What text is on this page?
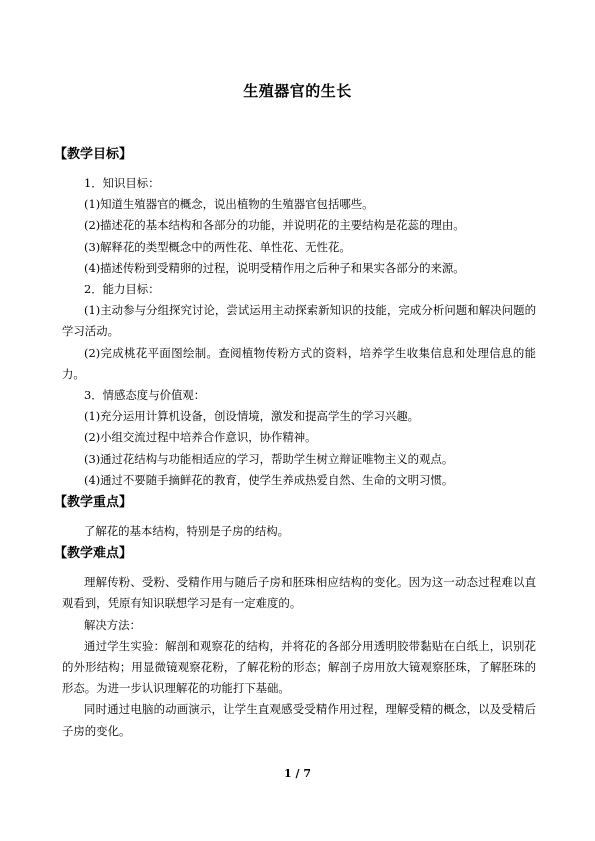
生殖器官的生长
【教学目标】

1．知识目标：

(1)知道生殖器官的概念，说出植物的生殖器官包括哪些。

(2)描述花的基本结构和各部分的功能，并说明花的主要结构是花蕊的理由。

(3)解释花的类型概念中的两性花、单性花、无性花。

(4)描述传粉到受精卵的过程，说明受精作用之后种子和果实各部分的来源。

2．能力目标：

(1)主动参与分组探究讨论，尝试运用主动探索新知识的技能，完成分析问题和解决问题的学习活动。

(2)完成桃花平面图绘制。查阅植物传粉方式的资料，培养学生收集信息和处理信息的能力。

3．情感态度与价值观：

(1)充分运用计算机设备，创设情境，激发和提高学生的学习兴趣。

(2)小组交流过程中培养合作意识，协作精神。

(3)通过花结构与功能相适应的学习，帮助学生树立辩证唯物主义的观点。

(4)通过不要随手摘鲜花的教育，使学生养成热爱自然、生命的文明习惯。

【教学重点】

了解花的基本结构，特别是子房的结构。

【教学难点】

理解传粉、受粉、受精作用与随后子房和胚珠相应结构的变化。因为这一动态过程难以直观看到，凭原有知识联想学习是有一定难度的。

解决方法：

通过学生实验：解剖和观察花的结构，并将花的各部分用透明胶带黏贴在白纸上，识别花的外形结构；用显微镜观察花粉，了解花粉的形态；解剖子房用放大镜观察胚珠，了解胚珠的形态。为进一步认识理解花的功能打下基础。

同时通过电脑的动画演示，让学生直观感受受精作用过程，理解受精的概念，以及受精后子房的变化。

1 / 7
